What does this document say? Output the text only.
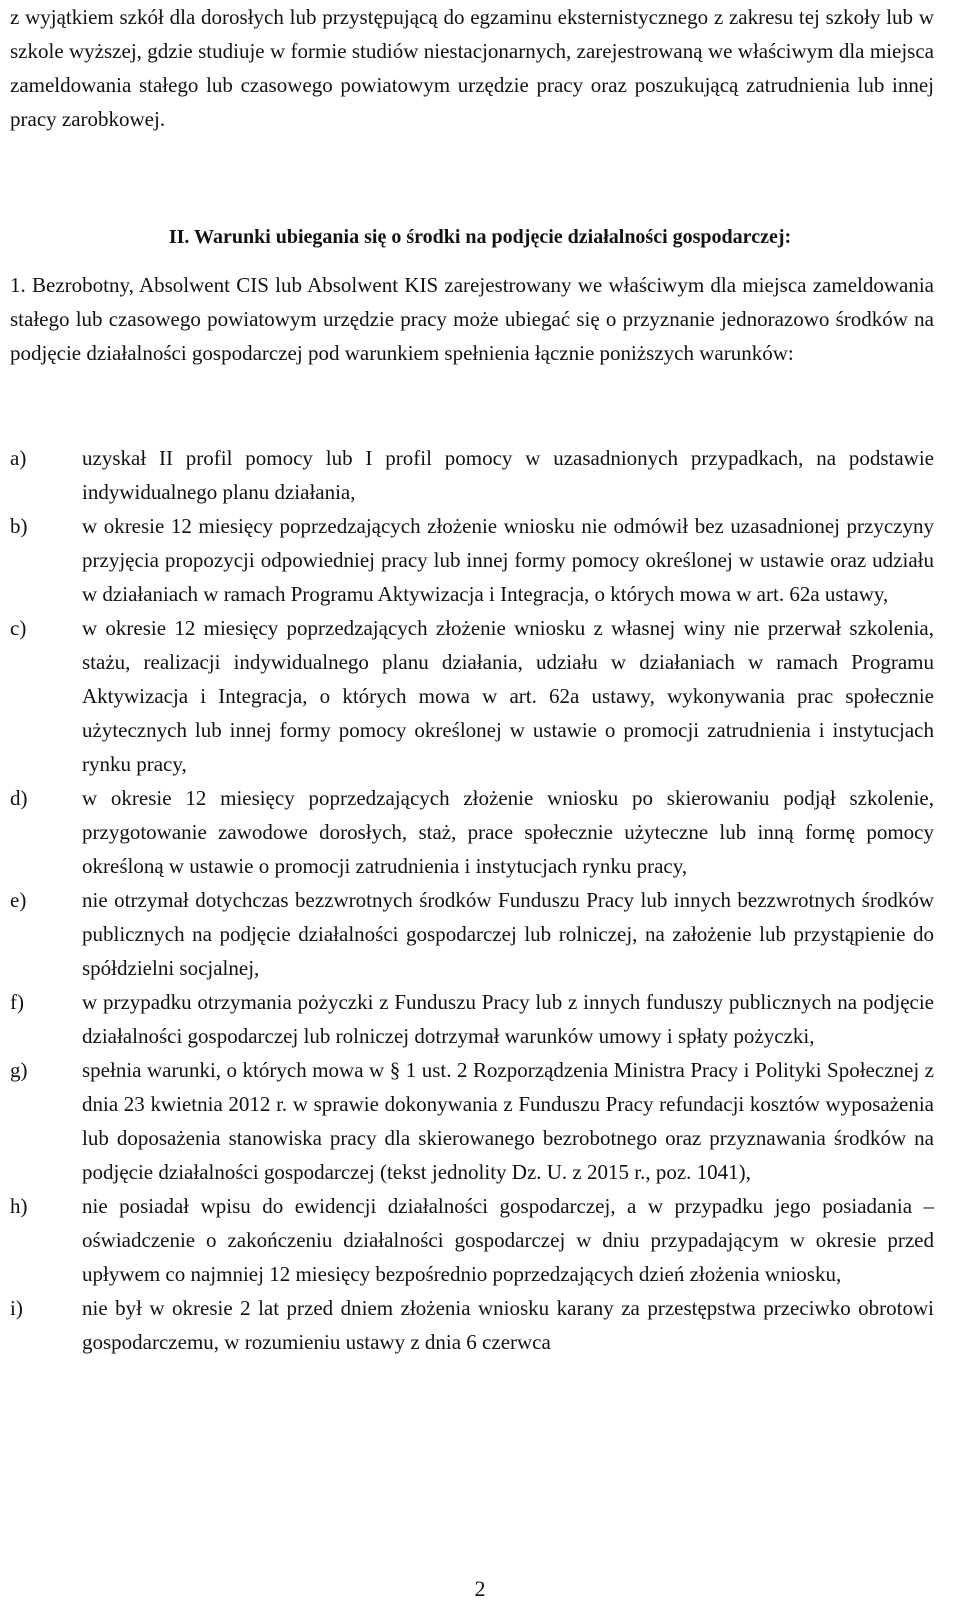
z wyjątkiem szkół dla dorosłych lub przystępującą do egzaminu eksternistycznego z zakresu tej szkoły lub w szkole wyższej, gdzie studiuje w formie studiów niestacjonarnych, zarejestrowaną we właściwym dla miejsca zameldowania stałego lub czasowego powiatowym urzędzie pracy oraz poszukującą zatrudnienia lub innej pracy zarobkowej.
II. Warunki ubiegania się o środki na podjęcie działalności gospodarczej:
1. Bezrobotny, Absolwent CIS lub Absolwent KIS zarejestrowany we właściwym dla miejsca zameldowania stałego lub czasowego powiatowym urzędzie pracy może ubiegać się o przyznanie jednorazowo środków na podjęcie działalności gospodarczej pod warunkiem spełnienia łącznie poniższych warunków:
a)	uzyskał II profil pomocy lub I profil pomocy w uzasadnionych przypadkach, na podstawie indywidualnego planu działania,
b)	w okresie 12 miesięcy poprzedzających złożenie wniosku nie odmówił bez uzasadnionej przyczyny przyjęcia propozycji odpowiedniej pracy lub innej formy pomocy określonej w ustawie oraz udziału w działaniach w ramach Programu Aktywizacja i Integracja, o których mowa w art. 62a ustawy,
c)	w okresie 12 miesięcy poprzedzających złożenie wniosku z własnej winy nie przerwał szkolenia, stażu, realizacji indywidualnego planu działania, udziału w działaniach w ramach Programu Aktywizacja i Integracja, o których mowa w art. 62a ustawy, wykonywania prac społecznie użytecznych lub innej formy pomocy określonej w ustawie o promocji zatrudnienia i instytucjach rynku pracy,
d)	w okresie 12 miesięcy poprzedzających złożenie wniosku po skierowaniu podjął szkolenie, przygotowanie zawodowe dorosłych, staż, prace społecznie użyteczne lub inną formę pomocy określoną w ustawie o promocji zatrudnienia i instytucjach rynku pracy,
e)	nie otrzymał dotychczas bezzwrotnych środków Funduszu Pracy lub innych bezzwrotnych środków publicznych na podjęcie działalności gospodarczej lub rolniczej, na założenie lub przystąpienie do spółdzielni socjalnej,
f)	w przypadku otrzymania pożyczki z Funduszu Pracy lub z innych funduszy publicznych na podjęcie działalności gospodarczej lub rolniczej dotrzymał warunków umowy i spłaty pożyczki,
g)	spełnia warunki, o których mowa w § 1 ust. 2 Rozporządzenia Ministra Pracy i Polityki Społecznej z dnia 23 kwietnia 2012 r. w sprawie dokonywania z Funduszu Pracy refundacji kosztów wyposażenia lub doposażenia stanowiska pracy dla skierowanego bezrobotnego oraz przyznawania środków na podjęcie działalności gospodarczej (tekst jednolity Dz. U. z 2015 r., poz. 1041),
h)	nie posiadał wpisu do ewidencji działalności gospodarczej, a w przypadku jego posiadania – oświadczenie o zakończeniu działalności gospodarczej w dniu przypadającym w okresie przed upływem co najmniej 12 miesięcy bezpośrednio poprzedzających dzień złożenia wniosku,
i)	nie był w okresie 2 lat przed dniem złożenia wniosku karany za przestępstwa przeciwko obrotowi gospodarczemu, w rozumieniu ustawy z dnia 6 czerwca
2
